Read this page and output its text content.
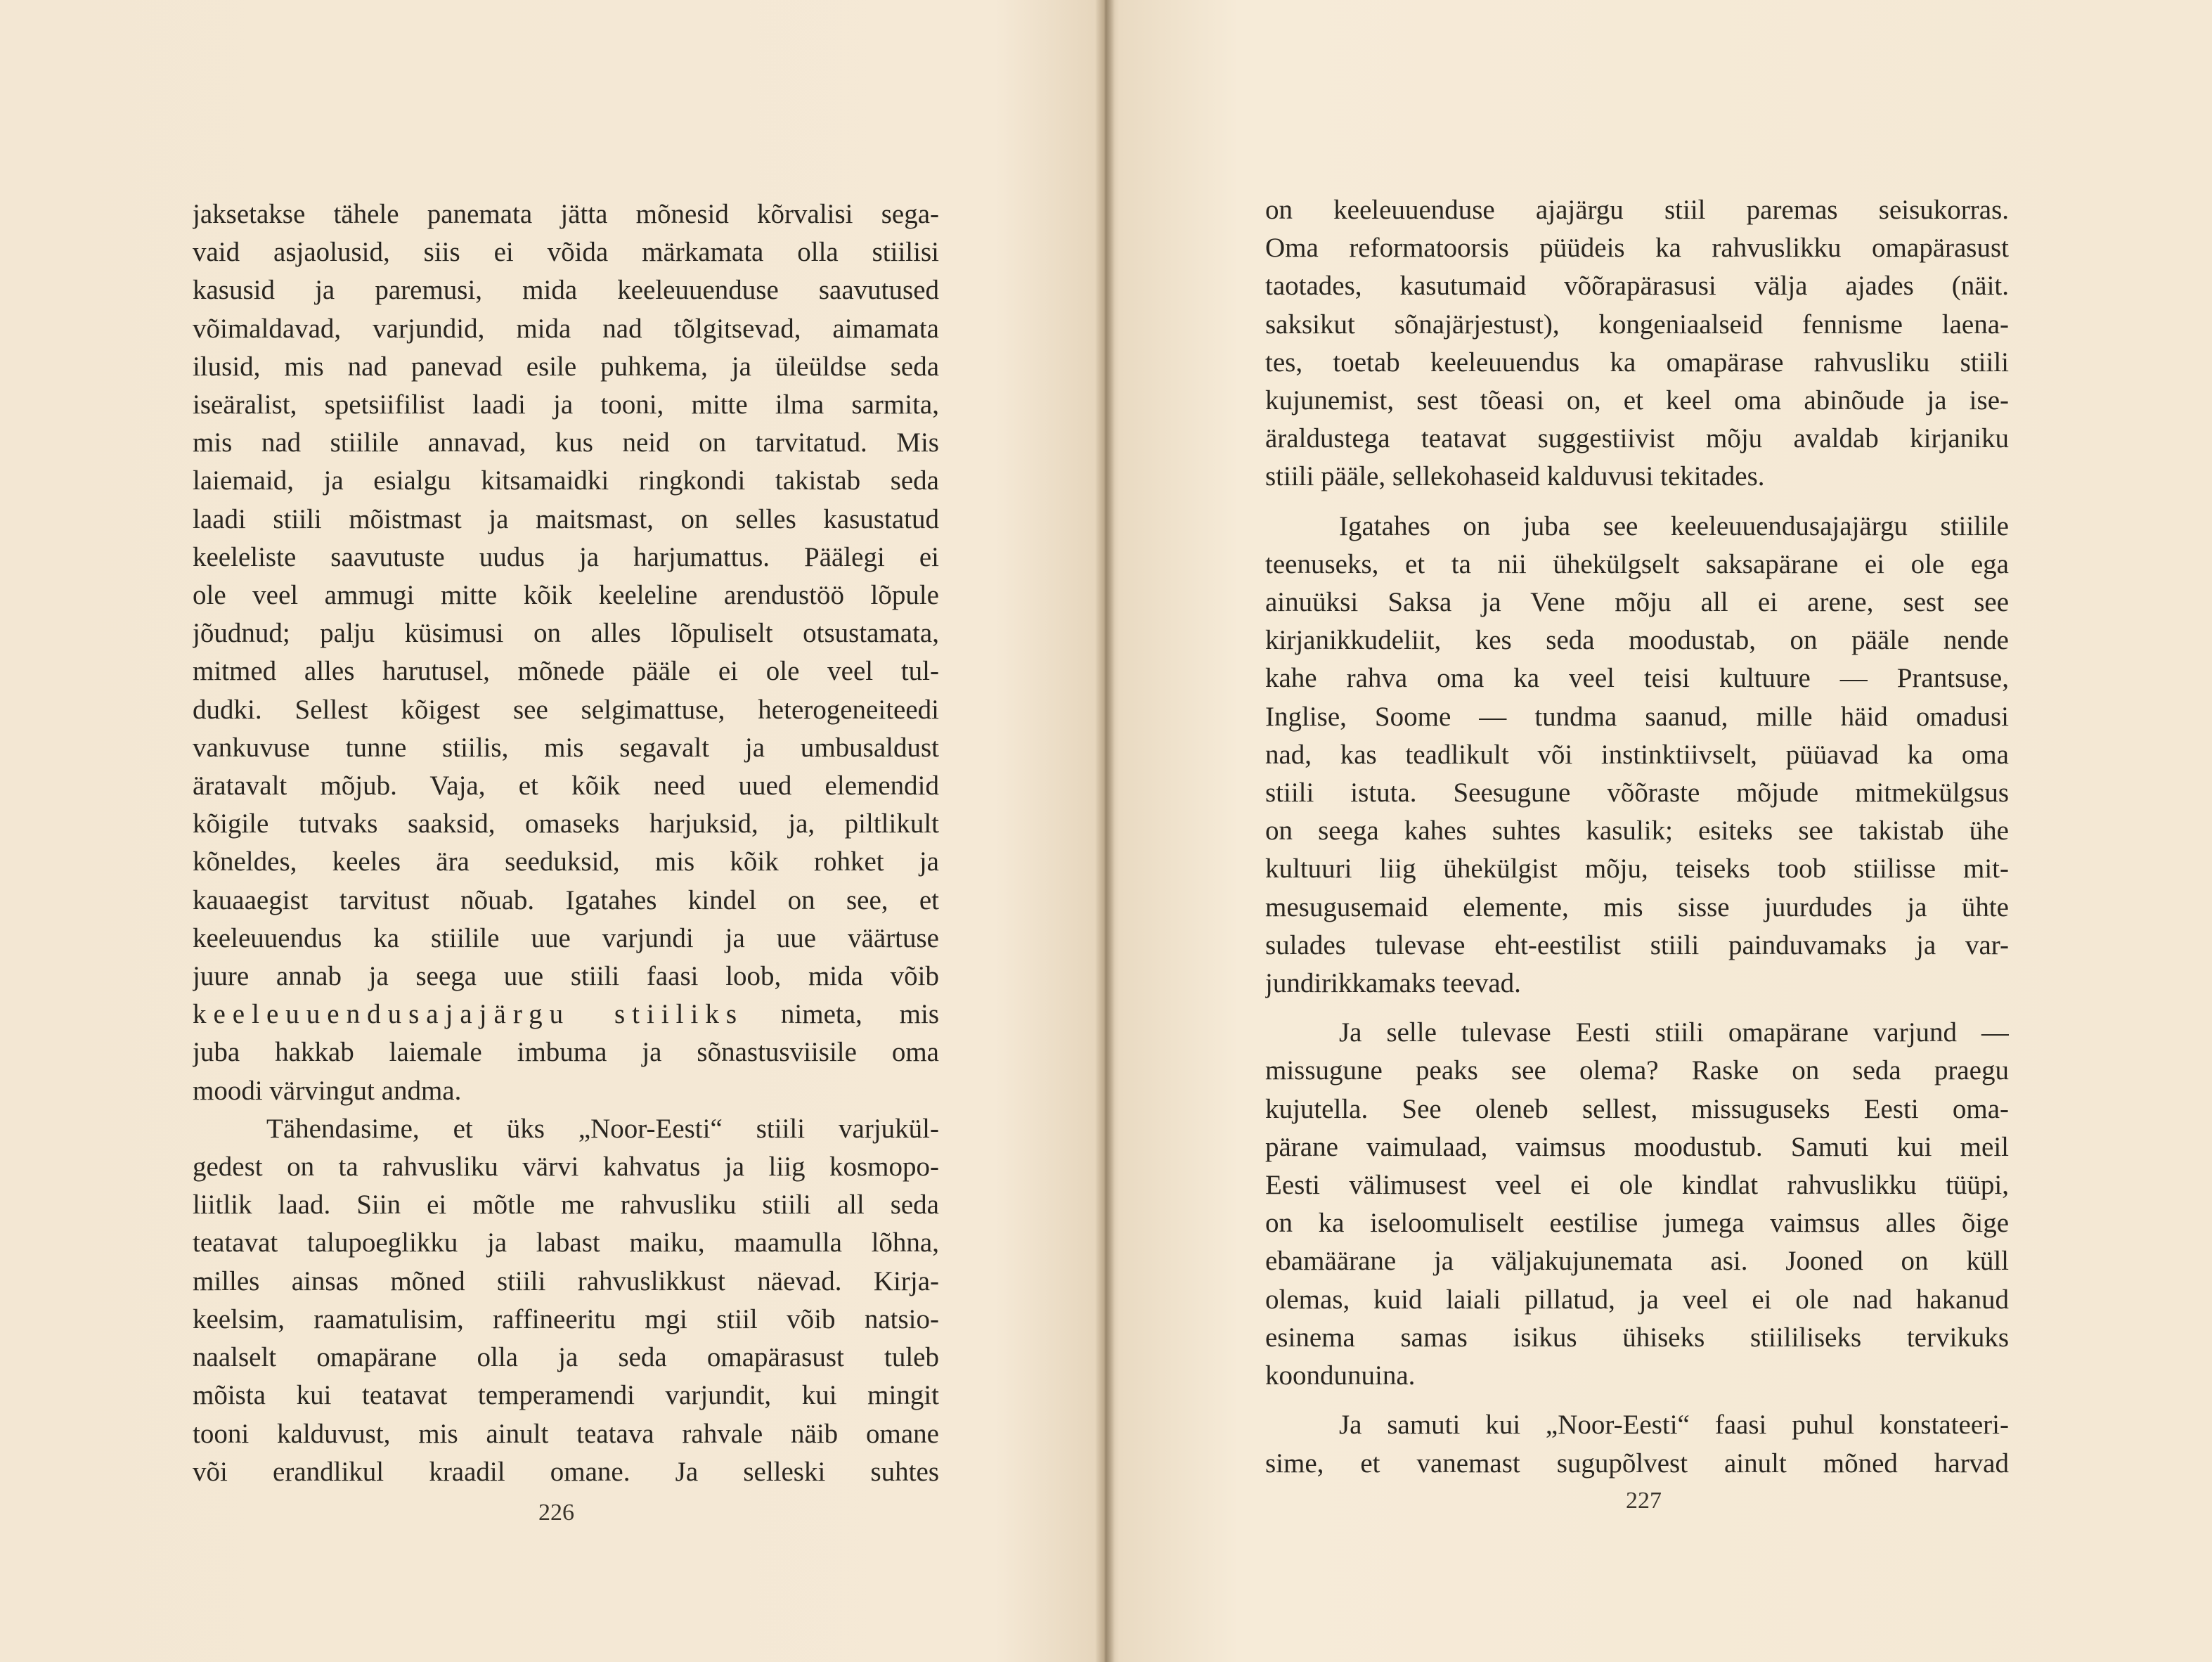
jaksetakse tähele panemata jätta mõnesid kõrvalisi sega-
vaid asjaolusid, siis ei võida märkamata olla stiilisi
kasusid ja paremusi, mida keeleuuenduse saavutused
võimaldavad, varjundid, mida nad tõlgitsevad, aimamata
ilusid, mis nad panevad esile puhkema, ja üleüldse seda
iseäralist, spetsiifilist laadi ja tooni, mitte ilma sarmita,
mis nad stiilile annavad, kus neid on tarvitatud. Mis
laiemaid, ja esialgu kitsamaidki ringkondi takistab seda
laadi stiili mõistmast ja maitsmast, on selles kasustatud
keeleliste saavutuste uudus ja harjumattus. Päälegi ei
ole veel ammugi mitte kõik keeleline arendustöö lõpule
jõudnud; palju küsimusi on alles lõpuliselt otsustamata,
mitmed alles harutusel, mõnede pääle ei ole veel tul-
dudki. Sellest kõigest see selgimattuse, heterogeneiteedi
vankuvuse tunne stiilis, mis segavalt ja umbusaldust
äratavalt mõjub. Vaja, et kõik need uued elemendid
kõigile tutvaks saaksid, omaseks harjuksid, ja, piltlikult
kõneldes, keeles ära seeduksid, mis kõik rohket ja
kauaaegist tarvitust nõuab. Igatahes kindel on see, et
keeleuuendus ka stiilile uue varjundi ja uue väärtuse
juure annab ja seega uue stiili faasi loob, mida võib
keeleuuendusajajärgu stiiliks nimeta, mis
juba hakkab laiemale imbuma ja sõnastusviisile oma
moodi värvingut andma.
Tähendasime, et üks „Noor-Eesti“ stiili varjukül-
gedest on ta rahvusliku värvi kahvatus ja liig kosmopo-
liitlik laad. Siin ei mõtle me rahvusliku stiili all seda
teatavat talupoeglikku ja labast maiku, maamulla lõhna,
milles ainsas mõned stiili rahvuslikkust näevad. Kirja-
keelsim, raamatulisim, raffineeritu mgi stiil võib natsio-
naalselt omapärane olla ja seda omapärasust tuleb
mõista kui teatavat temperamendi varjundit, kui mingit
tooni kalduvust, mis ainult teatava rahvale näib omane
või erandlikul kraadil omane. Ja selleski suhtes
226
on keeleuuenduse ajajärgu stiil paremas seisukorras.
Oma reformatoorsis püüdeis ka rahvuslikku omapärasust
taotades, kasutumaid võõrapärasusi välja ajades (näit.
saksikut sõnajärjestust), kongeniaalseid fennisme laena-
tes, toetab keeleuuendus ka omapärase rahvusliku stiili
kujunemist, sest tõeasi on, et keel oma abinõude ja ise-
äraldustega teatavat suggestiivist mõju avaldab kirjaniku
stiili pääle, sellekohaseid kalduvusi tekitades.
Igatahes on juba see keeleuuendusajajärgu stiilile
teenuseks, et ta nii ühekülgselt saksapärane ei ole ega
ainuüksi Saksa ja Vene mõju all ei arene, sest see
kirjanikkudeliit, kes seda moodustab, on pääle nende
kahe rahva oma ka veel teisi kultuure — Prantsuse,
Inglise, Soome — tundma saanud, mille häid omadusi
nad, kas teadlikult või instinktiivselt, püüavad ka oma
stiili istuta. Seesugune võõraste mõjude mitmekülgsus
on seega kahes suhtes kasulik; esiteks see takistab ühe
kultuuri liig ühekülgist mõju, teiseks toob stiilisse mit-
mesugusemaid elemente, mis sisse juurdudes ja ühte
sulades tulevase eht-eestilist stiili painduvamaks ja var-
jundirikkamaks teevad.
Ja selle tulevase Eesti stiili omapärane varjund —
missugune peaks see olema? Raske on seda praegu
kujutella. See oleneb sellest, missuguseks Eesti oma-
pärane vaimulaad, vaimsus moodustub. Samuti kui meil
Eesti välimusest veel ei ole kindlat rahvuslikku tüüpi,
on ka iseloomuliselt eestilise jumega vaimsus alles õige
ebamäärane ja väljakujunemata asi. Jooned on küll
olemas, kuid laiali pillatud, ja veel ei ole nad hakanud
esinema samas isikus ühiseks stiililiseks tervikuks
koondunuina.
Ja samuti kui „Noor-Eesti“ faasi puhul konstateeri-
sime, et vanemast sugupõlvest ainult mõned harvad
227
